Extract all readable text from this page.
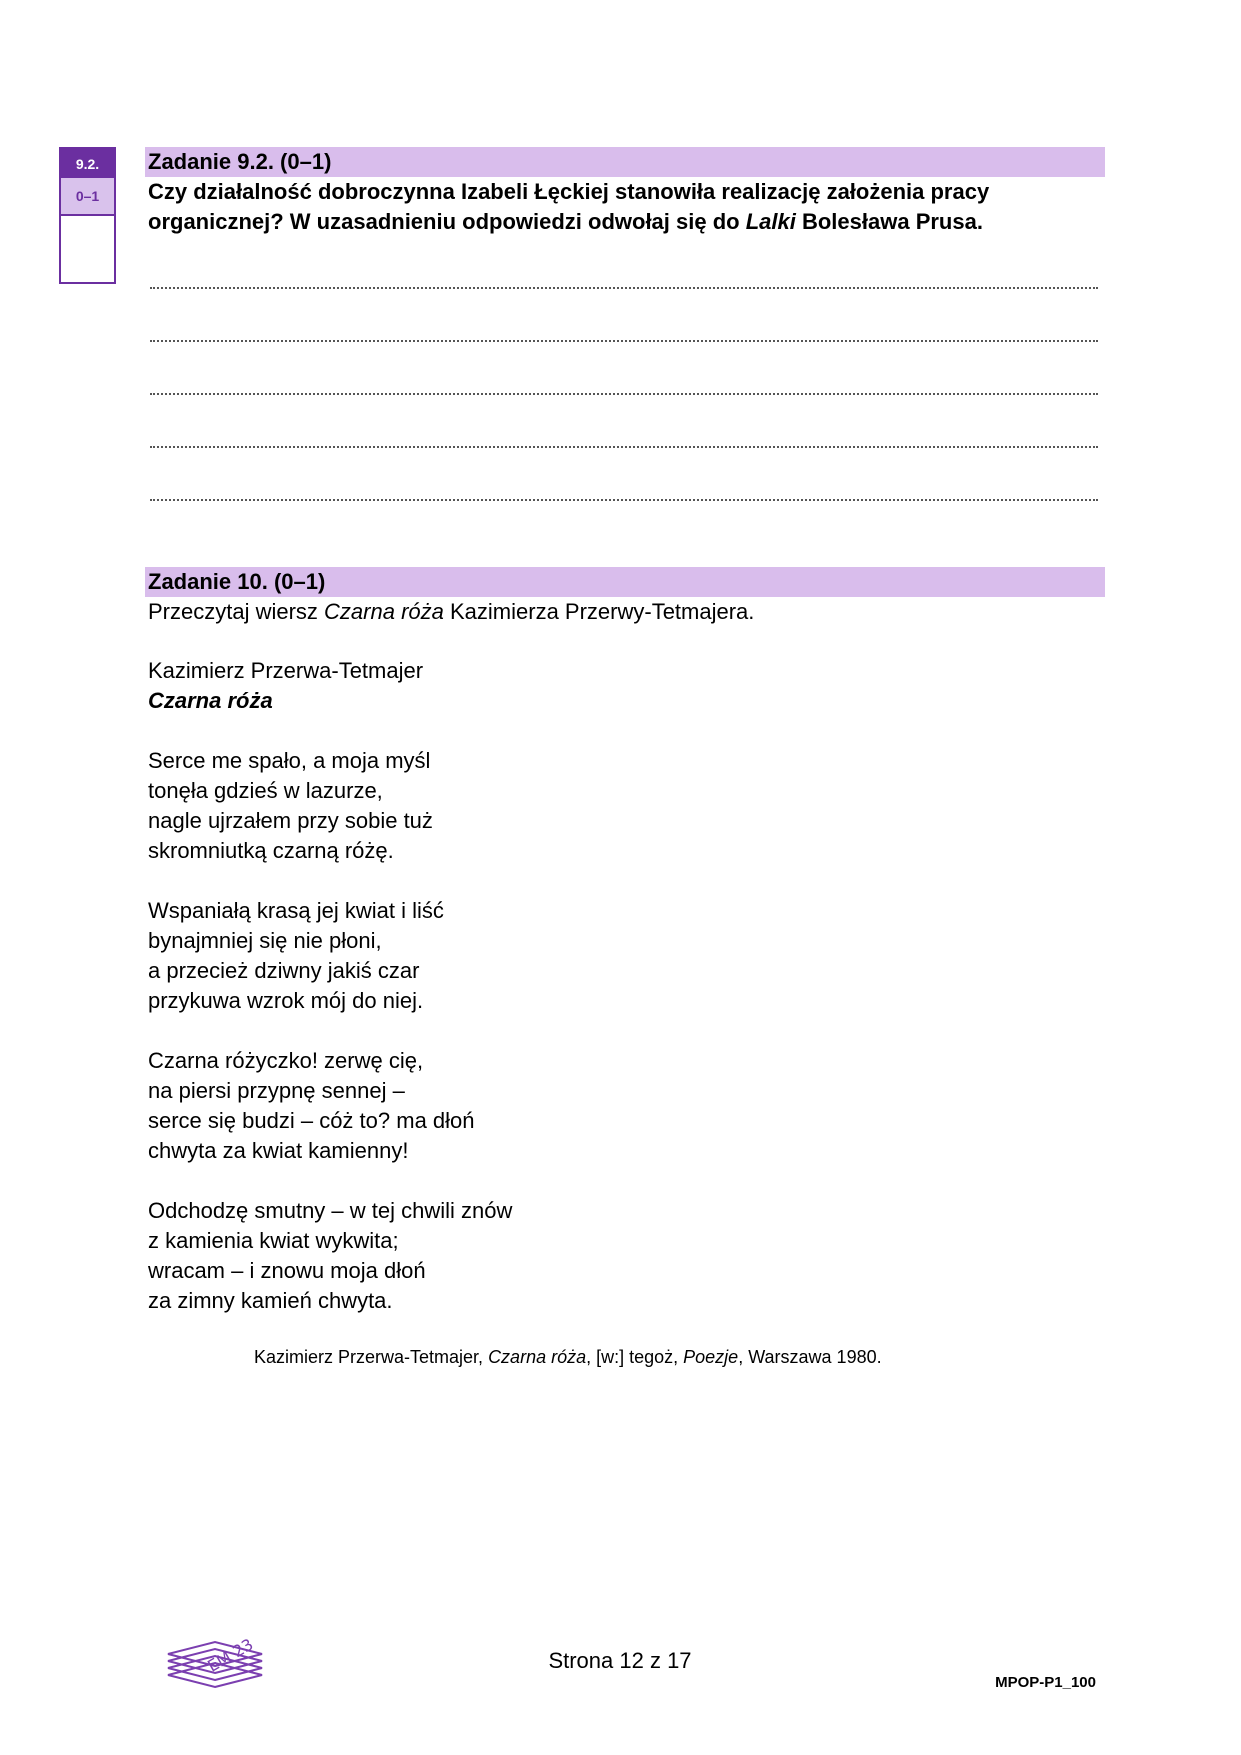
9.2.
0–1
Zadanie 9.2. (0–1)
Czy działalność dobroczynna Izabeli Łęckiej stanowiła realizację założenia pracy
organicznej? W uzasadnieniu odpowiedzi odwołaj się do Lalki Bolesława Prusa.
Zadanie 10. (0–1)
Przeczytaj wiersz Czarna róża Kazimierza Przerwy-Tetmajera.
Kazimierz Przerwa-Tetmajer
Czarna róża
Serce me spało, a moja myśl
tonęła gdzieś w lazurze,
nagle ujrzałem przy sobie tuż
skromniutką czarną różę.
Wspaniałą krasą jej kwiat i liść
bynajmniej się nie płoni,
a przecież dziwny jakiś czar
przykuwa wzrok mój do niej.
Czarna różyczko! zerwę cię,
na piersi przypnę sennej –
serce się budzi – cóż to? ma dłoń
chwyta za kwiat kamienny!
Odchodzę smutny – w tej chwili znów
z kamienia kwiat wykwita;
wracam – i znowu moja dłoń
za zimny kamień chwyta.
Kazimierz Przerwa-Tetmajer, Czarna róża, [w:] tegoż, Poezje, Warszawa 1980.
EM 23	Strona 12 z 17
MPOP-P1_100
